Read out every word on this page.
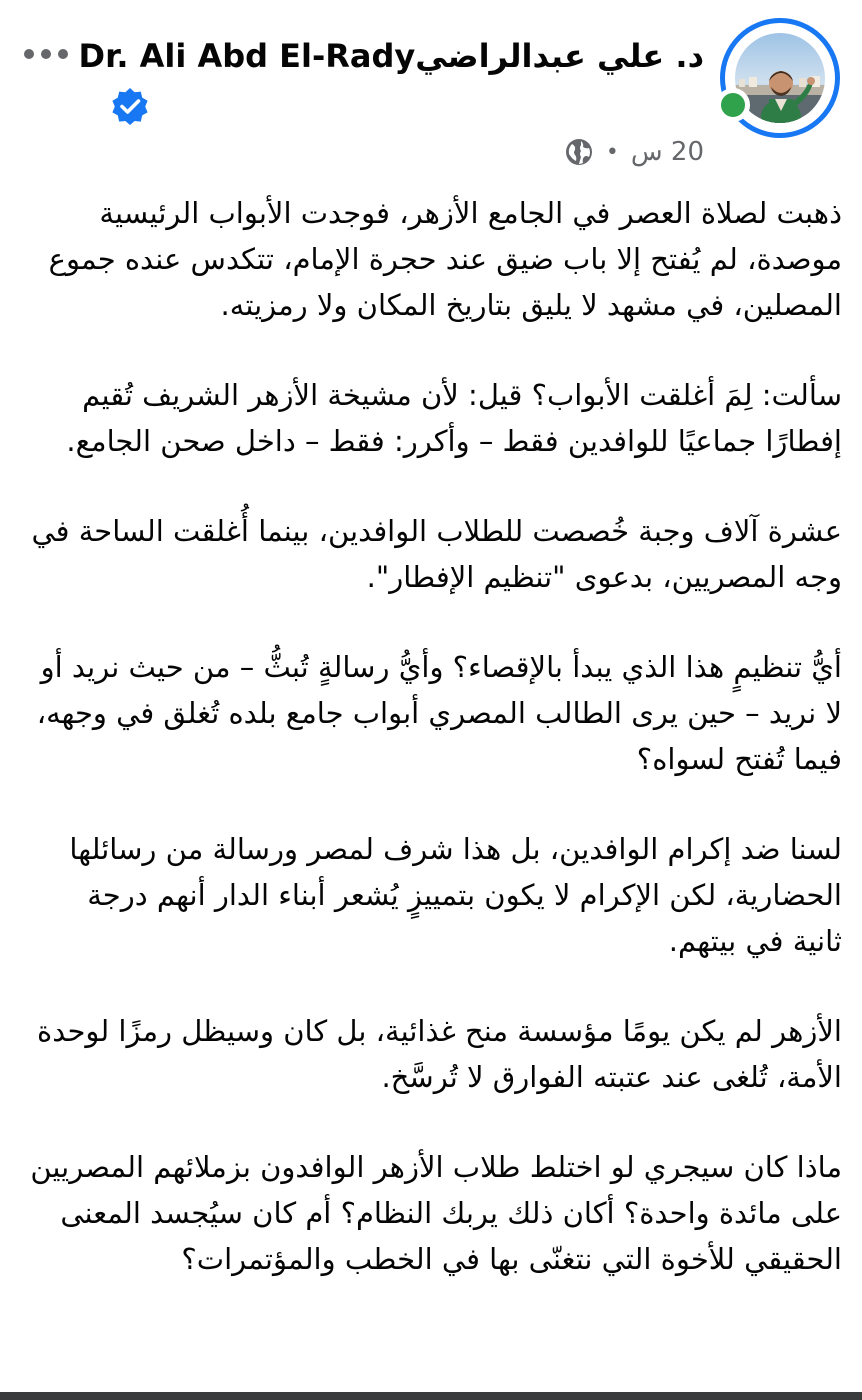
د. علي عبدالراضيDr. Ali Abd El-Rady
20 س
•

ذهبت لصلاة العصر في الجامع الأزهر، فوجدت الأبواب الرئيسية موصدة، لم يُفتح إلا باب ضيق عند حجرة الإمام، تتكدس عنده جموع المصلين، في مشهد لا يليق بتاريخ المكان ولا رمزيته.

سألت: لِمَ أغلقت الأبواب؟ قيل: لأن مشيخة الأزهر الشريف تُقيم إفطارًا جماعيًا للوافدين فقط – وأكرر: فقط – داخل صحن الجامع.

عشرة آلاف وجبة خُصصت للطلاب الوافدين، بينما أُغلقت الساحة في وجه المصريين، بدعوى "تنظيم الإفطار".

أيُّ تنظيمٍ هذا الذي يبدأ بالإقصاء؟ وأيُّ رسالةٍ تُبثُّ – من حيث نريد أو لا نريد – حين يرى الطالب المصري أبواب جامع بلده تُغلق في وجهه، فيما تُفتح لسواه؟

لسنا ضد إكرام الوافدين، بل هذا شرف لمصر ورسالة من رسائلها الحضارية، لكن الإكرام لا يكون بتمييزٍ يُشعر أبناء الدار أنهم درجة ثانية في بيتهم.

الأزهر لم يكن يومًا مؤسسة منح غذائية، بل كان وسيظل رمزًا لوحدة الأمة، تُلغى عند عتبته الفوارق لا تُرسَّخ.

ماذا كان سيجري لو اختلط طلاب الأزهر الوافدون بزملائهم المصريين على مائدة واحدة؟ أكان ذلك يربك النظام؟ أم كان سيُجسد المعنى الحقيقي للأخوة التي نتغنّى بها في الخطب والمؤتمرات؟
